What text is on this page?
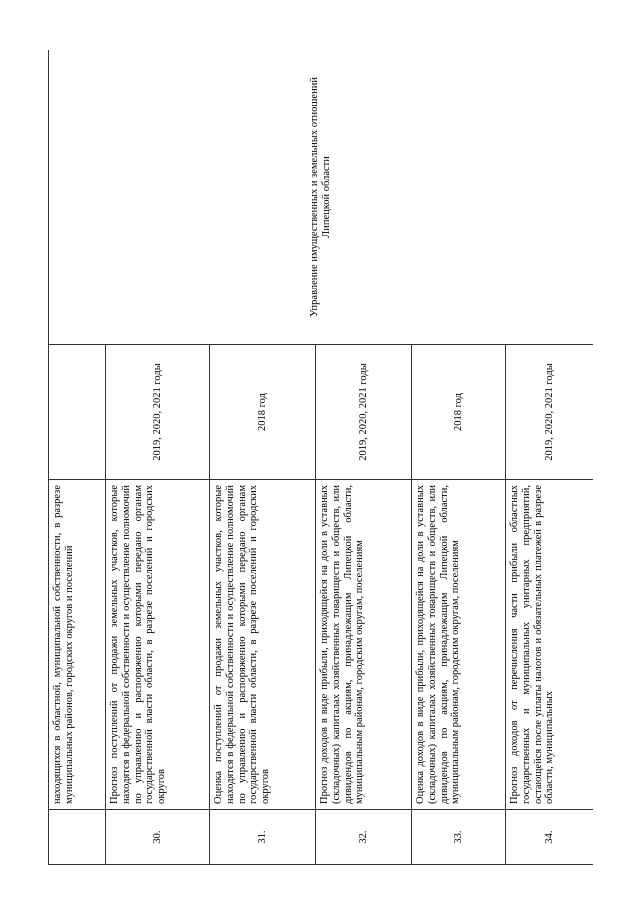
	находящихся в областной, муниципальной собственности, в разрезе муниципальных районов, городских округов и поселений		Управление имущественных и земельных отношений Липецкой области
30.	Прогноз поступлений от продажи земельных участков, которые находятся в федеральной собственности и осуществление полномочий по управлению и распоряжению которыми передано органам государственной власти области, в разрезе поселений и городских округов	2019, 2020, 2021 годы	
31.	Оценка поступлений от продажи земельных участков, которые находятся в федеральной собственности и осуществление полномочий по управлению и распоряжению которыми передано органам государственной власти области, в разрезе поселений и городских округов	2018 год	
32.	Прогноз доходов в виде прибыли, приходящейся на доли в уставных (складочных) капиталах хозяйственных товариществ и обществ, или дивидендов по акциям, принадлежащим Липецкой области, муниципальным районам, городским округам, поселениям	2019, 2020, 2021 годы	
33.	Оценка доходов в виде прибыли, приходящейся на доли в уставных (складочных) капиталах хозяйственных товариществ и обществ, или дивидендов по акциям, принадлежащим Липецкой области, муниципальным районам, городским округам, поселениям	2018 год	
34.	Прогноз доходов от перечисления части прибыли областных государственных и муниципальных унитарных предприятий, остающейся после уплаты налогов и обязательных платежей в разрезе области, муниципальных	2019, 2020, 2021 годы	
